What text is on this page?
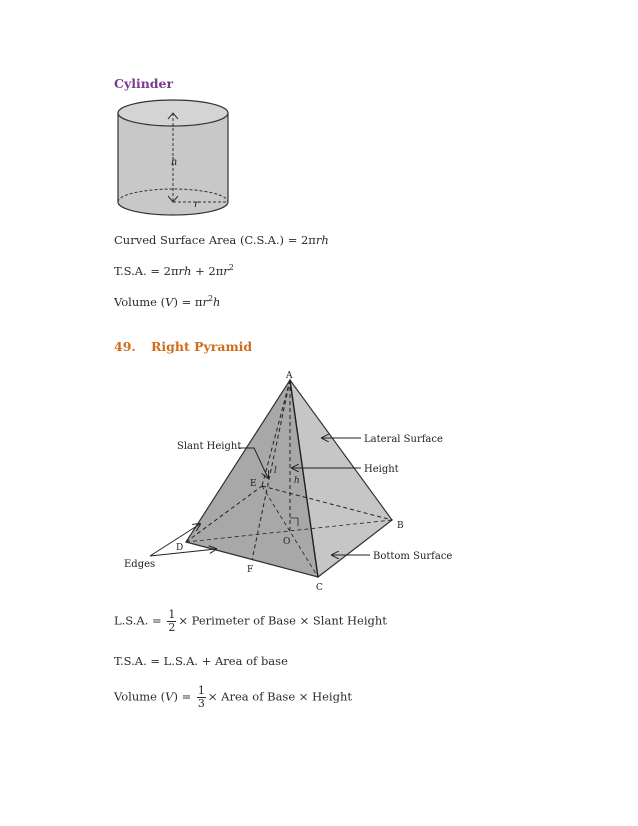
Cylinder
h
r
Curved Surface Area (C.S.A.) = 2πrh
T.S.A. = $2\pi rh + 2\pi r^2$
Volume $(V) = \pi r^2h$
49. Right Pyramid
A
B
C
D
E
F
O
l
h
Lateral Surface
Height
Slant Height
Bottom Surface
Edges
L.S.A. = $\frac{1}{2}$ × Perimeter of Base × Slant Height
T.S.A. = L.S.A. + Area of base
Volume $(V) = \frac{1}{3}$ × Area of Base × Height
